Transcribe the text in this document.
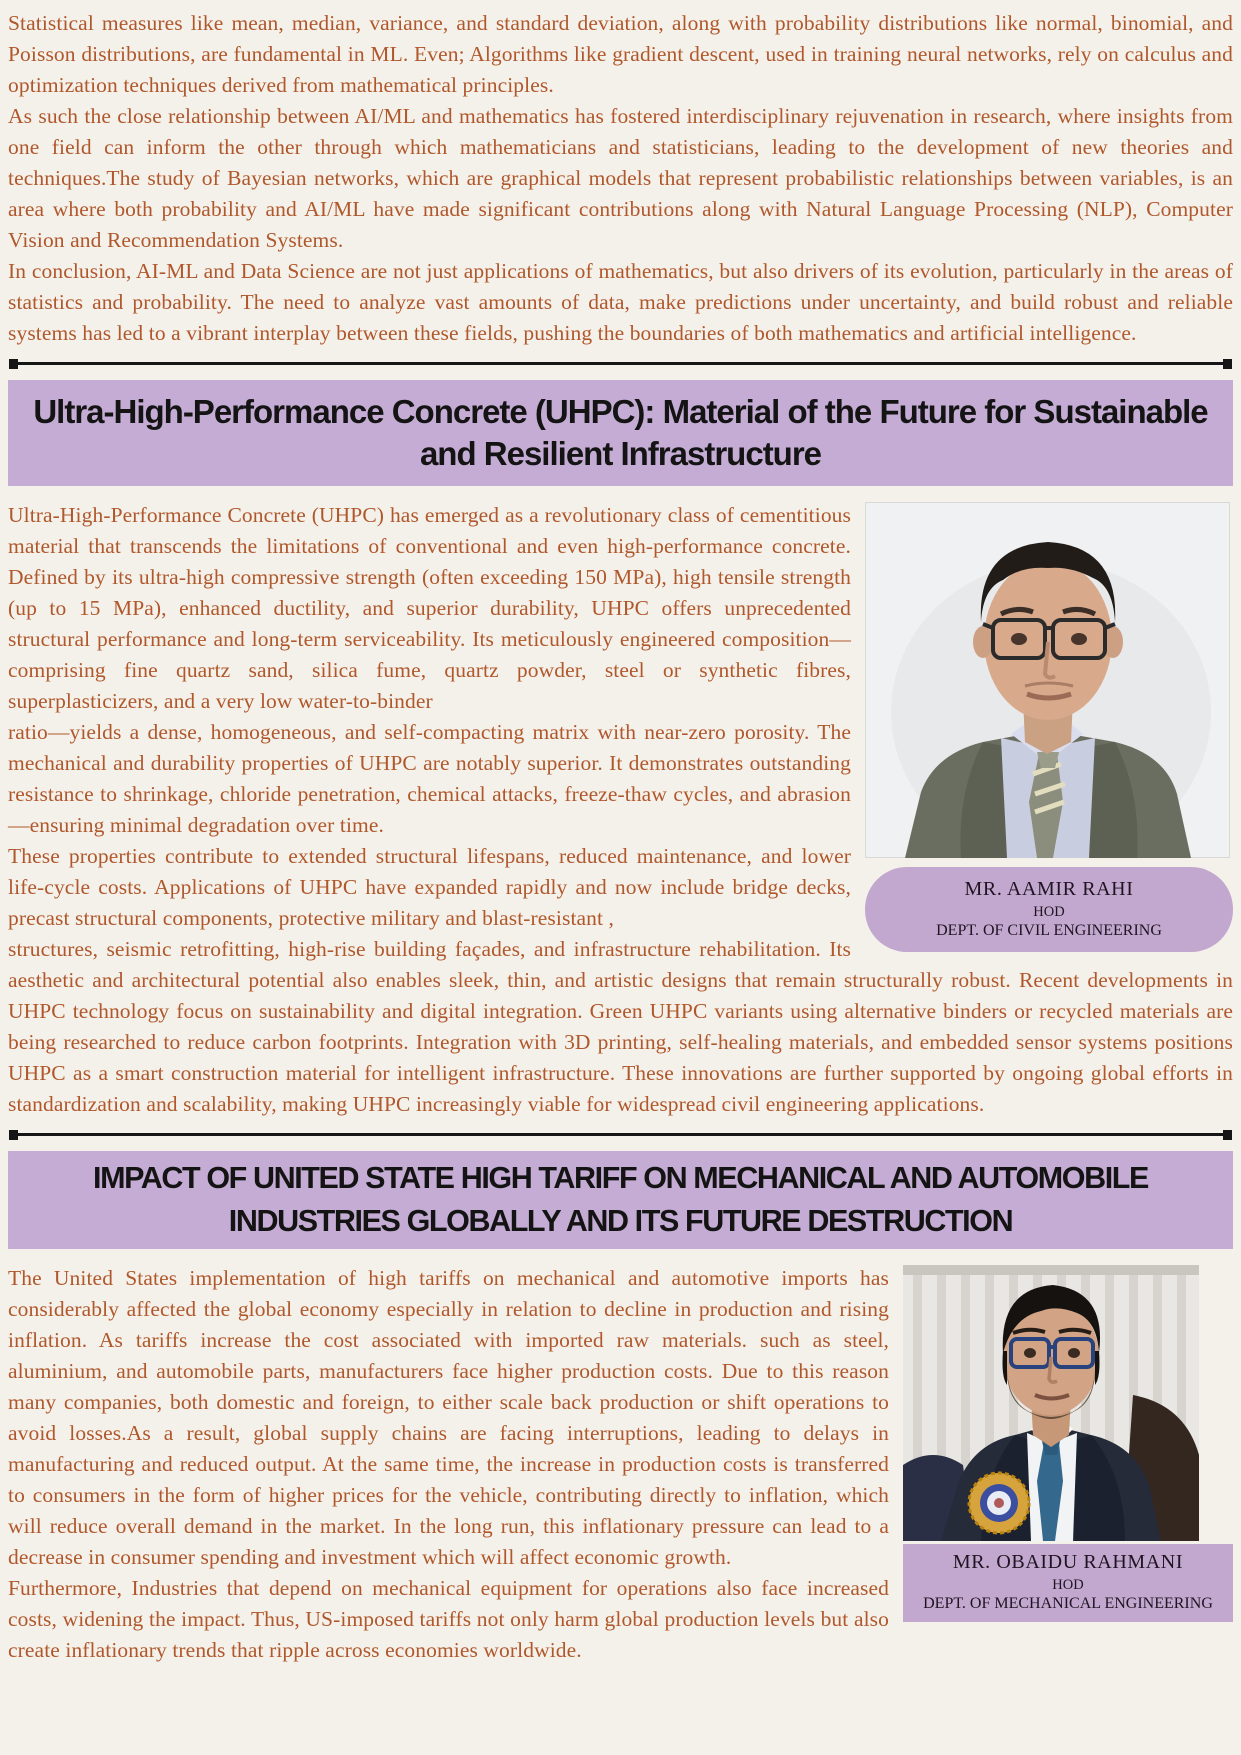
Statistical measures like mean, median, variance, and standard deviation, along with probability distributions like normal, binomial, and Poisson distributions, are fundamental in ML. Even; Algorithms like gradient descent, used in training neural networks, rely on calculus and optimization techniques derived from mathematical principles.

As such the close relationship between AI/ML and mathematics has fostered interdisciplinary rejuvenation in research, where insights from one field can inform the other through which mathematicians and statisticians, leading to the development of new theories and techniques.The study of Bayesian networks, which are graphical models that represent probabilistic relationships between variables, is an area where both probability and AI/ML have made significant contributions along with Natural Language Processing (NLP), Computer Vision and Recommendation Systems.

In conclusion, AI-ML and Data Science are not just applications of mathematics, but also drivers of its evolution, particularly in the areas of statistics and probability. The need to analyze vast amounts of data, make predictions under uncertainty, and build robust and reliable systems has led to a vibrant interplay between these fields, pushing the boundaries of both mathematics and artificial intelligence.

Ultra-High-Performance Concrete (UHPC): Material of the Future for Sustainable and Resilient Infrastructure
MR. AAMIR RAHI
HOD
DEPT. OF CIVIL ENGINEERING

Ultra-High-Performance Concrete (UHPC) has emerged as a revolutionary class of cementitious material that transcends the limitations of conventional and even high-performance concrete. Defined by its ultra-high compressive strength (often exceeding 150 MPa), high tensile strength (up to 15 MPa), enhanced ductility, and superior durability, UHPC offers unprecedented structural performance and long-term serviceability. Its meticulously engineered composition—comprising fine quartz sand, silica fume, quartz powder, steel or synthetic fibres, superplasticizers, and a very low water-to-binder

ratio—yields a dense, homogeneous, and self-compacting matrix with near-zero porosity. The mechanical and durability properties of UHPC are notably superior. It demonstrates outstanding resistance to shrinkage, chloride penetration, chemical attacks, freeze-thaw cycles, and abrasion—ensuring minimal degradation over time.

These properties contribute to extended structural lifespans, reduced maintenance, and lower life-cycle costs. Applications of UHPC have expanded rapidly and now include bridge decks, precast structural components, protective military and blast-resistant ,

structures, seismic retrofitting, high-rise building façades, and infrastructure rehabilitation. Its aesthetic and architectural potential also enables sleek, thin, and artistic designs that remain structurally robust. Recent developments in UHPC technology focus on sustainability and digital integration. Green UHPC variants using alternative binders or recycled materials are being researched to reduce carbon footprints. Integration with 3D printing, self-healing materials, and embedded sensor systems positions UHPC as a smart construction material for intelligent infrastructure. These innovations are further supported by ongoing global efforts in standardization and scalability, making UHPC increasingly viable for widespread civil engineering applications.

IMPACT OF UNITED STATE HIGH TARIFF ON MECHANICAL AND AUTOMOBILE INDUSTRIES GLOBALLY AND ITS FUTURE DESTRUCTION
MR. OBAIDU RAHMANI
HOD
DEPT. OF MECHANICAL ENGINEERING

The United States implementation of high tariffs on mechanical and automotive imports has considerably affected the global economy especially in relation to decline in production and rising inflation. As tariffs increase the cost associated with imported raw materials. such as steel, aluminium, and automobile parts, manufacturers face higher production costs. Due to this reason many companies, both domestic and foreign, to either scale back production or shift operations to avoid losses.As a result, global supply chains are facing interruptions, leading to delays in manufacturing and reduced output. At the same time, the increase in production costs is transferred to consumers in the form of higher prices for the vehicle, contributing directly to inflation, which will reduce overall demand in the market. In the long run, this inflationary pressure can lead to a decrease in consumer spending and investment which will affect economic growth.

Furthermore, Industries that depend on mechanical equipment for operations also face increased costs, widening the impact. Thus, US-imposed tariffs not only harm global production levels but also create inflationary trends that ripple across economies worldwide.
